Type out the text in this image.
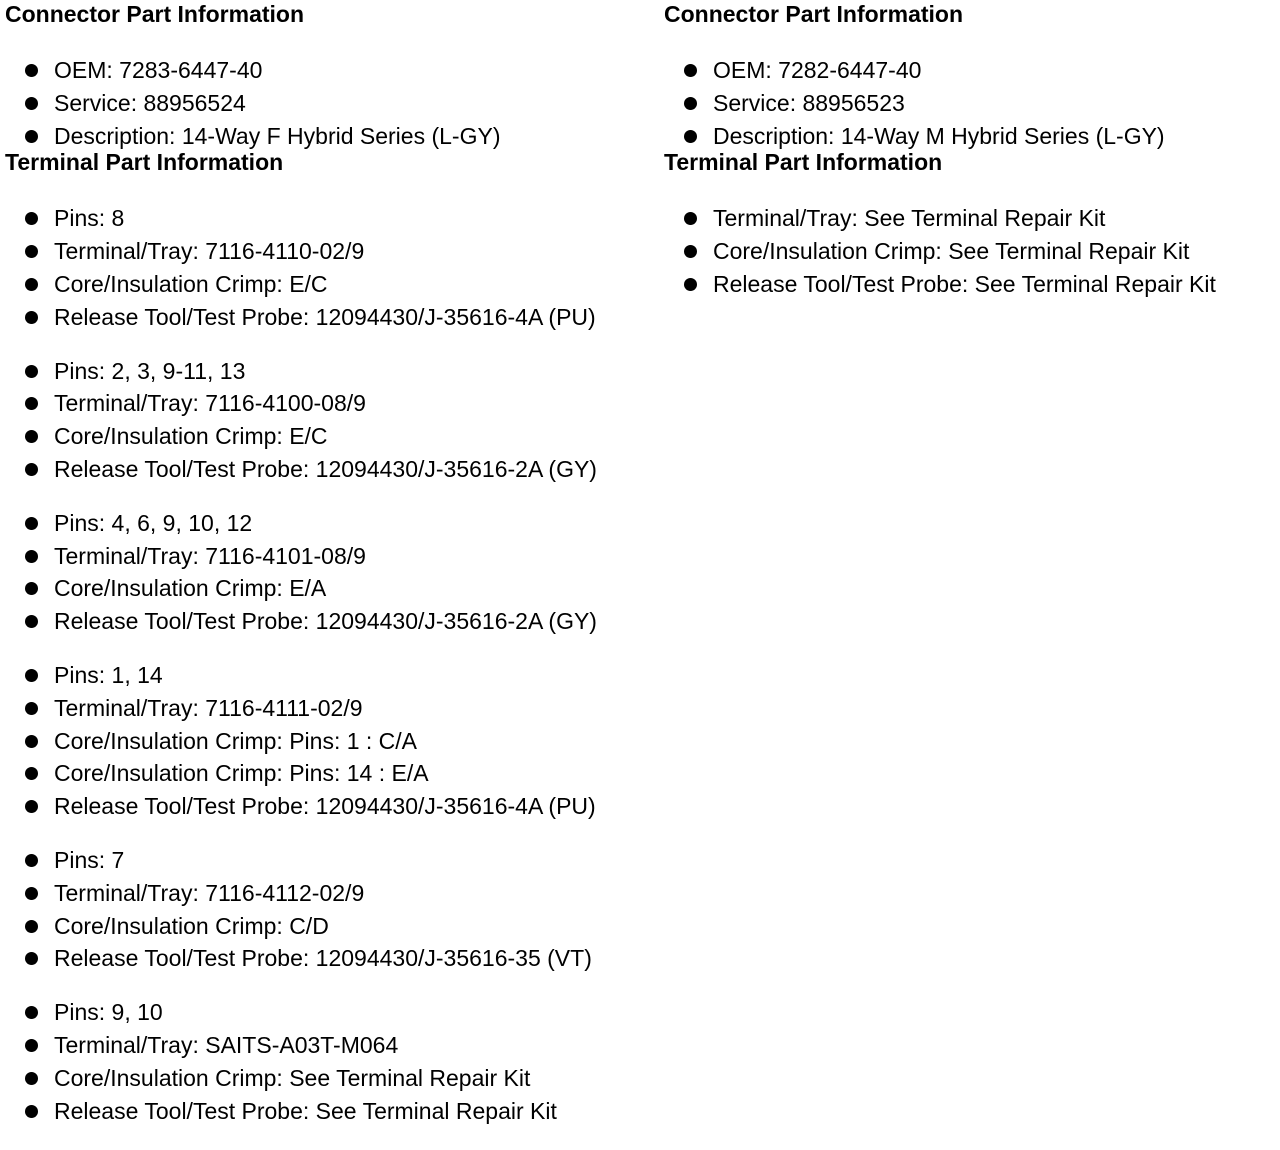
Connector Part Information
OEM: 7283-6447-40
Service: 88956524
Description: 14-Way F Hybrid Series (L-GY)
Terminal Part Information
Pins: 8
Terminal/Tray: 7116-4110-02/9
Core/Insulation Crimp: E/C
Release Tool/Test Probe: 12094430/J-35616-4A (PU)
Pins: 2, 3, 9-11, 13
Terminal/Tray: 7116-4100-08/9
Core/Insulation Crimp: E/C
Release Tool/Test Probe: 12094430/J-35616-2A (GY)
Pins: 4, 6, 9, 10, 12
Terminal/Tray: 7116-4101-08/9
Core/Insulation Crimp: E/A
Release Tool/Test Probe: 12094430/J-35616-2A (GY)
Pins: 1, 14
Terminal/Tray: 7116-4111-02/9
Core/Insulation Crimp: Pins: 1 : C/A
Core/Insulation Crimp: Pins: 14 : E/A
Release Tool/Test Probe: 12094430/J-35616-4A (PU)
Pins: 7
Terminal/Tray: 7116-4112-02/9
Core/Insulation Crimp: C/D
Release Tool/Test Probe: 12094430/J-35616-35 (VT)
Pins: 9, 10
Terminal/Tray: SAITS-A03T-M064
Core/Insulation Crimp: See Terminal Repair Kit
Release Tool/Test Probe: See Terminal Repair Kit
Connector Part Information
OEM: 7282-6447-40
Service: 88956523
Description: 14-Way M Hybrid Series (L-GY)
Terminal Part Information
Terminal/Tray: See Terminal Repair Kit
Core/Insulation Crimp: See Terminal Repair Kit
Release Tool/Test Probe: See Terminal Repair Kit
